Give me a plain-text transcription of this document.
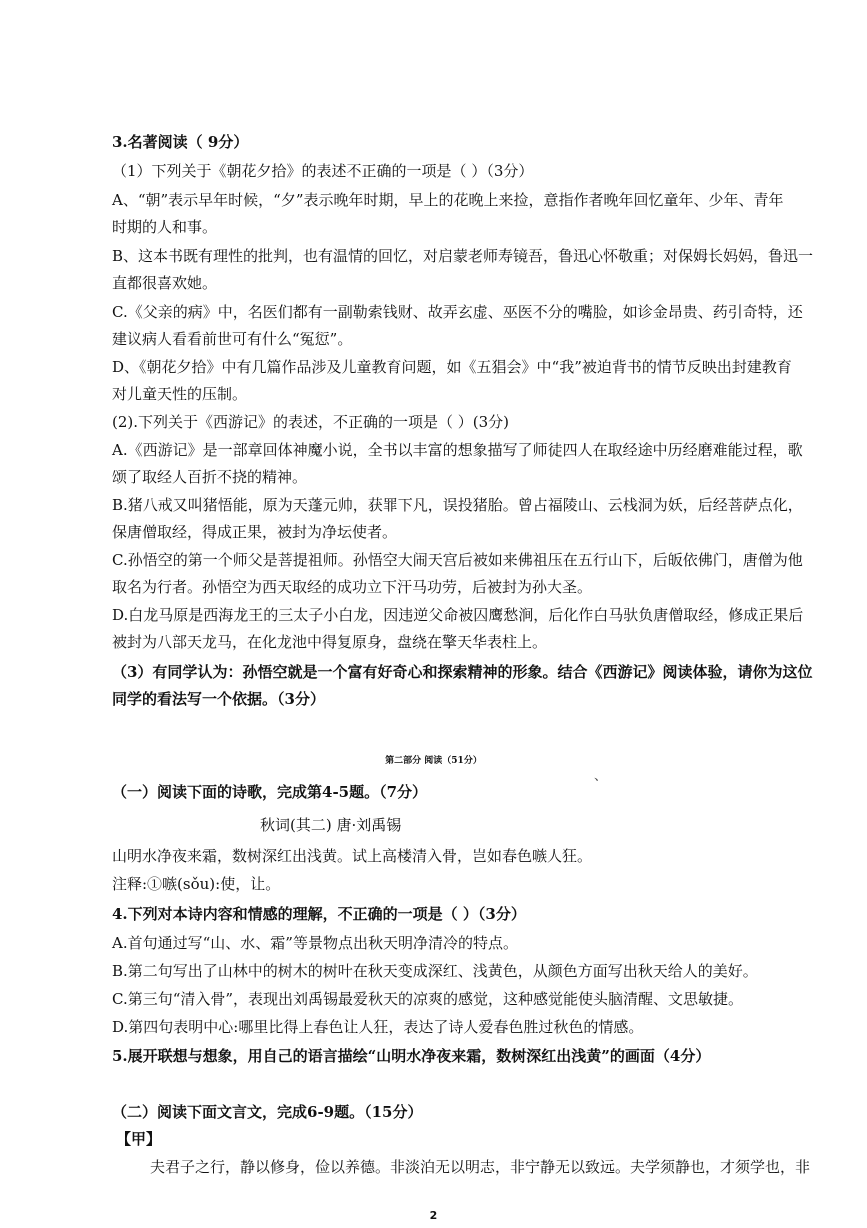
3.名著阅读（ 9分）
（1）下列关于《朝花夕拾》的表述不正确的一项是（ ）（3分）
A、“朝”表示早年时候，“夕”表示晚年时期，早上的花晚上来捡，意指作者晚年回忆童年、少年、青年
时期的人和事。
B、这本书既有理性的批判，也有温情的回忆，对启蒙老师寿镜吾，鲁迅心怀敬重；对保姆长妈妈，鲁迅一
直都很喜欢她。
C.《父亲的病》中，名医们都有一副勒索钱财、故弄玄虚、巫医不分的嘴脸，如诊金昂贵、药引奇特，还
建议病人看看前世可有什么“冤愆”。
D、《朝花夕拾》中有几篇作品涉及儿童教育问题，如《五猖会》中“我”被迫背书的情节反映出封建教育
对儿童天性的压制。
(2).下列关于《西游记》的表述，不正确的一项是（ ）(3分)
A.《西游记》是一部章回体神魔小说，全书以丰富的想象描写了师徒四人在取经途中历经磨难能过程，歌
颂了取经人百折不挠的精神。
B.猪八戒又叫猪悟能，原为天蓬元帅，获罪下凡，误投猪胎。曾占福陵山、云栈洞为妖，后经菩萨点化，
保唐僧取经，得成正果，被封为净坛使者。
C.孙悟空的第一个师父是菩提祖师。孙悟空大闹天宫后被如来佛祖压在五行山下，后皈依佛门，唐僧为他
取名为行者。孙悟空为西天取经的成功立下汗马功劳，后被封为孙大圣。
D.白龙马原是西海龙王的三太子小白龙，因违逆父命被囚鹰愁涧，后化作白马驮负唐僧取经，修成正果后
被封为八部天龙马，在化龙池中得复原身，盘绕在擎天华表柱上。
（3）有同学认为：孙悟空就是一个富有好奇心和探索精神的形象。结合《西游记》阅读体验，请你为这位
同学的看法写一个依据。（3分）
第二部分 阅读（51分）
、
（一）阅读下面的诗歌，完成第4-5题。（7分）
秋词(其二) 唐·刘禹锡
山明水净夜来霜，数树深红出浅黄。试上高楼清入骨，岂如春色嗾人狂。
注释:①嗾(sǒu):使，让。
4.下列对本诗内容和情感的理解，不正确的一项是（ ）（3分）
A.首句通过写“山、水、霜”等景物点出秋天明净清冷的特点。
B.第二句写出了山林中的树木的树叶在秋天变成深红、浅黄色，从颜色方面写出秋天给人的美好。
C.第三句“清入骨”，表现出刘禹锡最爱秋天的凉爽的感觉，这种感觉能使头脑清醒、文思敏捷。
D.第四句表明中心:哪里比得上春色让人狂，表达了诗人爱春色胜过秋色的情感。
5.展开联想与想象，用自己的语言描绘“山明水净夜来霜，数树深红出浅黄”的画面（4分）
（二）阅读下面文言文，完成6-9题。（15分）
【甲】
夫君子之行，静以修身，俭以养德。非淡泊无以明志，非宁静无以致远。夫学须静也，才须学也，非
2
